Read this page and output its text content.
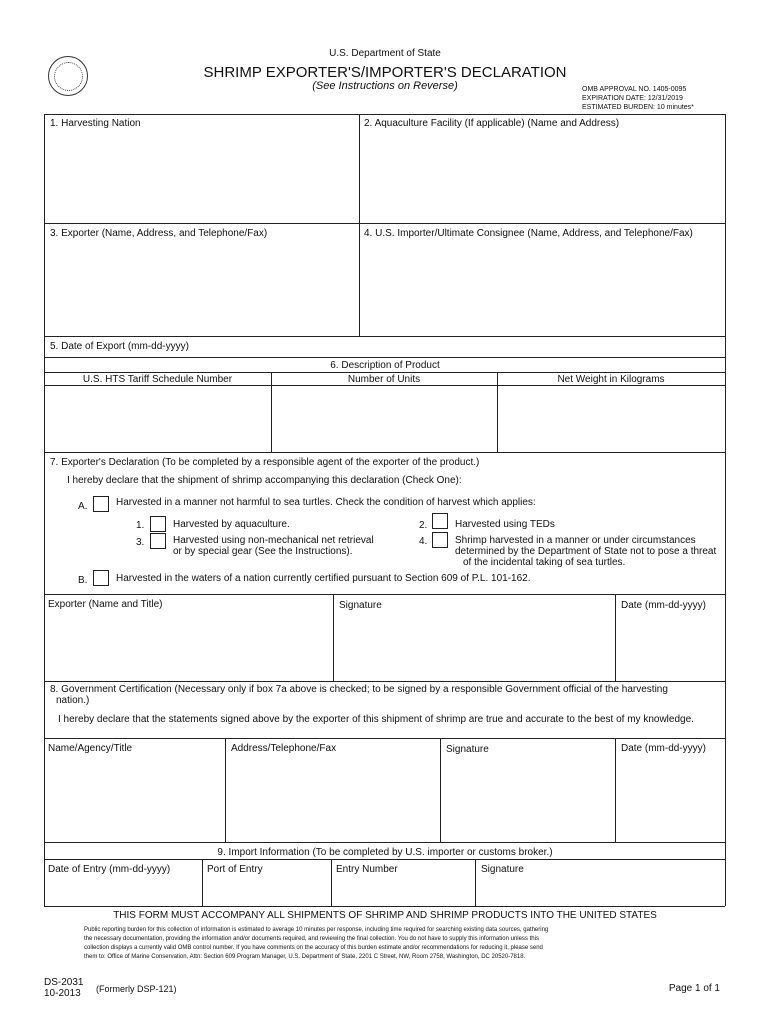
U.S. Department of State
SHRIMP EXPORTER'S/IMPORTER'S DECLARATION
(See Instructions on Reverse)	OMB APPROVAL NO. 1405-0095
EXPIRATION DATE: 12/31/2019
ESTIMATED BURDEN: 10 minutes*
1. Harvesting Nation	2. Aquaculture Facility (If applicable) (Name and Address)
3. Exporter (Name, Address, and Telephone/Fax)	4. U.S. Importer/Ultimate Consignee (Name, Address, and Telephone/Fax)
5. Date of Export (mm-dd-yyyy)
6. Description of Product
U.S. HTS Tariff Schedule Number	Number of Units	Net Weight in Kilograms
7. Exporter's Declaration (To be completed by a responsible agent of the exporter of the product.)
I hereby declare that the shipment of shrimp accompanying this declaration (Check One):
A.	Harvested in a manner not harmful to sea turtles. Check the condition of harvest which applies:
1.	Harvested by aquaculture.
3.	Harvested using non-mechanical net retrieval
or by special gear (See the Instructions).
2.	Harvested using TEDs
4.	Shrimp harvested in a manner or under circumstances
determined by the Department of State not to pose a threat
of the incidental taking of sea turtles.
B.	Harvested in the waters of a nation currently certified pursuant to Section 609 of P.L. 101-162.
Exporter (Name and Title)	Signature	Date (mm-dd-yyyy)
8. Government Certification (Necessary only if box 7a above is checked; to be signed by a responsible Government official of the harvesting
nation.)
I hereby declare that the statements signed above by the exporter of this shipment of shrimp are true and accurate to the best of my knowledge.
Name/Agency/Title	Address/Telephone/Fax	Signature	Date (mm-dd-yyyy)
9. Import Information (To be completed by U.S. importer or customs broker.)
Date of Entry (mm-dd-yyyy)	Port of Entry	Entry Number	Signature
THIS FORM MUST ACCOMPANY ALL SHIPMENTS OF SHRIMP AND SHRIMP PRODUCTS INTO THE UNITED STATES
Public reporting burden for this collection of information is estimated to average 10 minutes per response, including time required for searching existing data sources, gathering
the necessary documentation, providing the information and/or documents required, and reviewing the final collection. You do not have to supply this information unless this
collection displays a currently valid OMB control number. If you have comments on the accuracy of this burden estimate and/or recommendations for reducing it, please send
them to: Office of Marine Conservation, Attn: Section 609 Program Manager, U.S. Department of State, 2201 C Street, NW, Room 2758, Washington, DC 20520-7818.
DS-2031
10-2013 (Formerly DSP-121)	Page 1 of 1
